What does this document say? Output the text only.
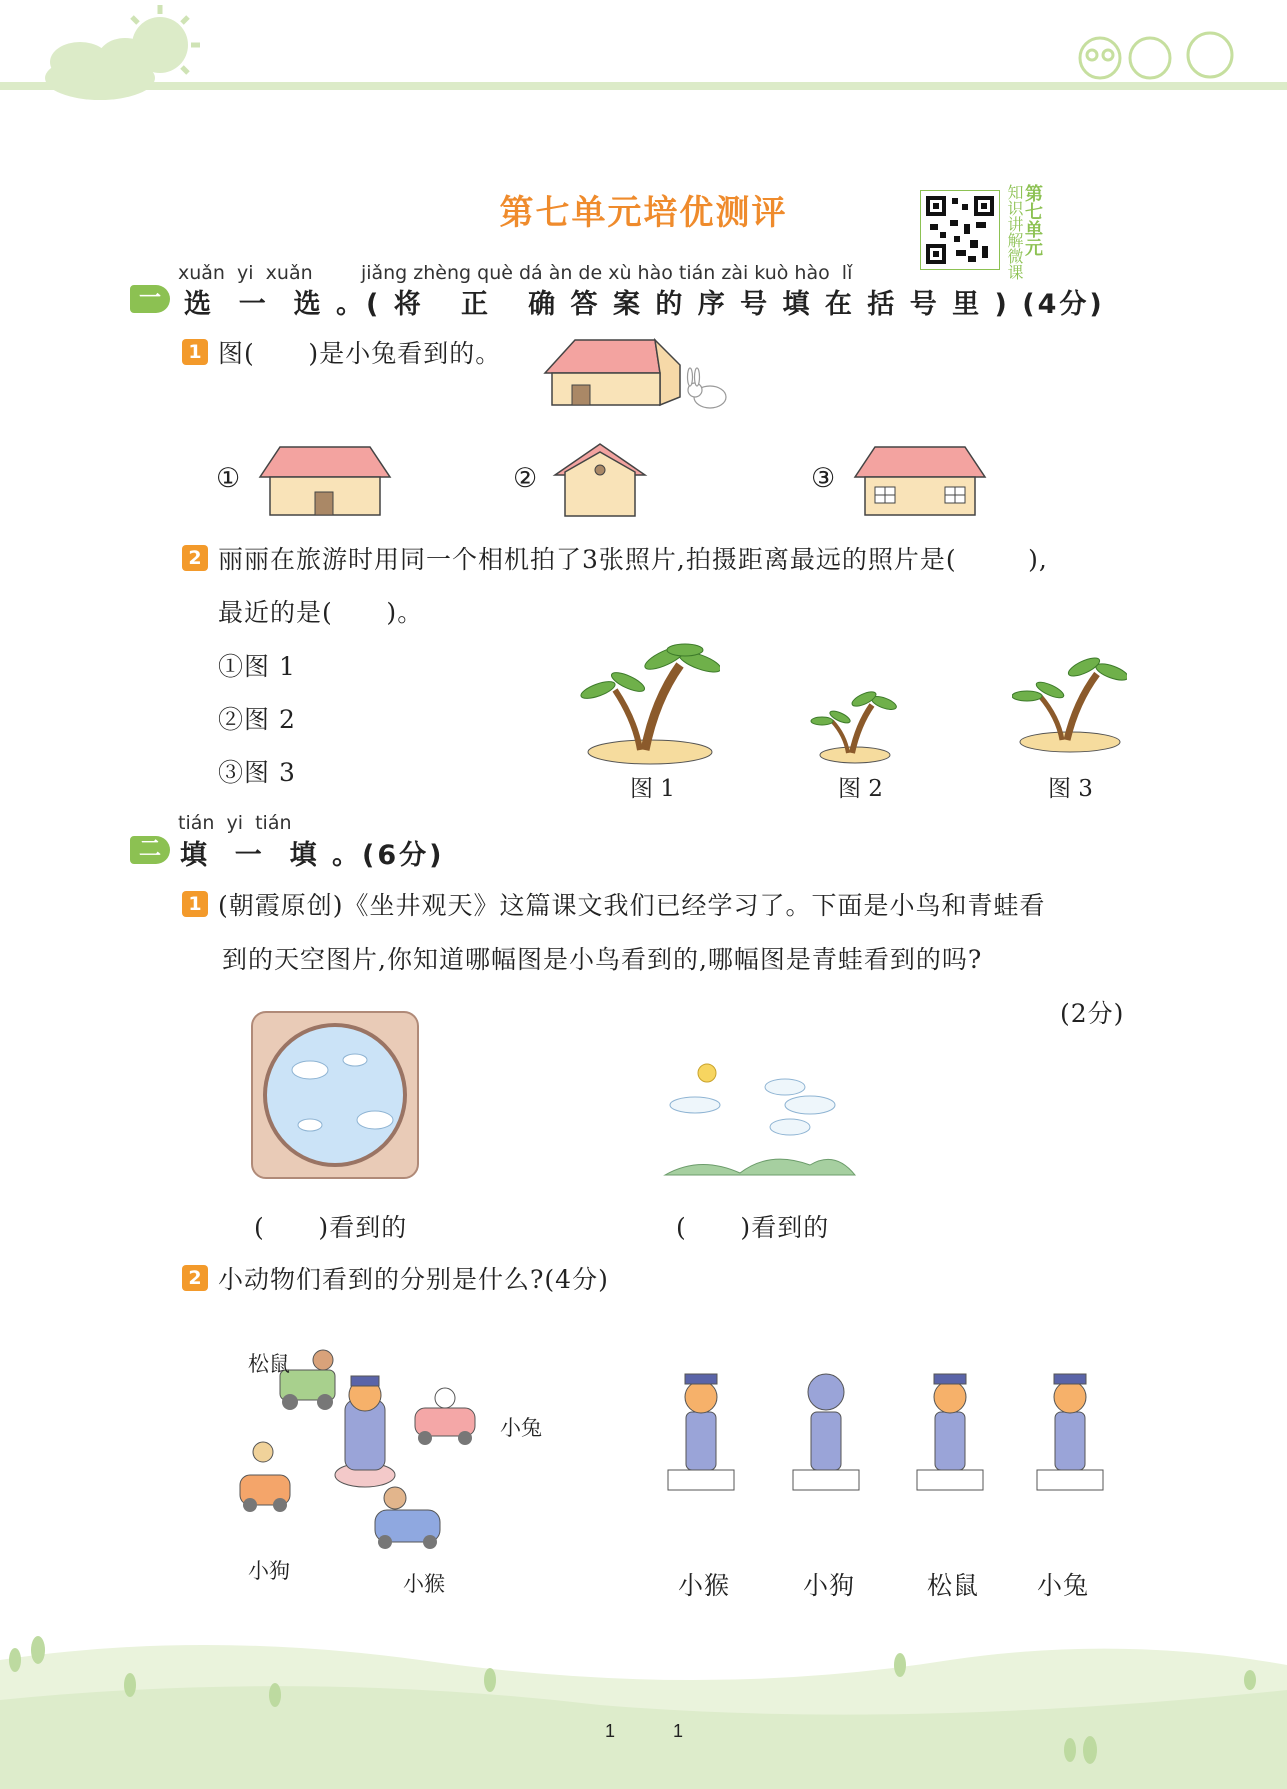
第七单元培优测评	第七单元
知识讲解微课
xuǎn  yi  xuǎn        jiǎng zhèng què dá àn de xù hào tián zài kuò hào  lǐ
一 选  一  选 。( 将   正   确 答 案 的 序 号 填 在 括 号 里 ) (4分)
1 图(      )是小兔看到的。
①	②	③
2 丽丽在旅游时用同一个相机拍了3张照片,拍摄距离最远的照片是(        ),
最近的是(      )。
①图 1
②图 2
③图 3
图 1	图 2	图 3
tián  yi  tián
二 填  一  填 。(6分)
1 (朝霞原创)《坐井观天》这篇课文我们已经学习了。下面是小鸟和青蛙看
到的天空图片,你知道哪幅图是小鸟看到的,哪幅图是青蛙看到的吗?
(2分)
(      )看到的	(      )看到的
2 小动物们看到的分别是什么?(4分)
松鼠
小兔
小狗
小猴	小猴	小狗	松鼠 小兔
1	1
